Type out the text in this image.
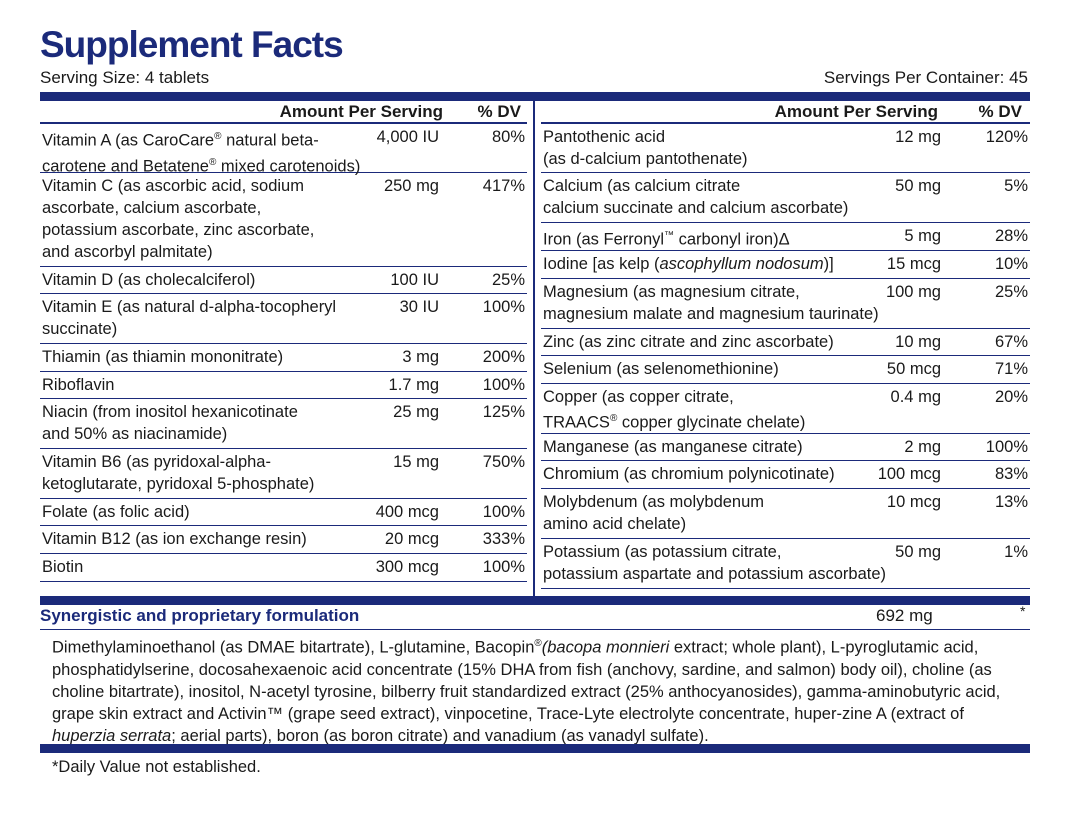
Supplement Facts
Serving Size: 4 tablets	Servings Per Container: 45
Amount Per Serving % DV
Vitamin A (as CaroCare® natural beta-
carotene and Betatene® mixed carotenoids)
4,000 IU	80%
Vitamin C (as ascorbic acid, sodium
ascorbate, calcium ascorbate,
potassium ascorbate, zinc ascorbate,
and ascorbyl palmitate)
250 mg	417%
Vitamin D (as cholecalciferol)	100 IU	25%
Vitamin E (as natural d-alpha-tocopheryl
succinate)
30 IU	100%
Thiamin (as thiamin mononitrate)	3 mg	200%
Riboflavin	1.7 mg	100%
Niacin (from inositol hexanicotinate
and 50% as niacinamide)
25 mg	125%
Vitamin B6 (as pyridoxal-alpha-
ketoglutarate, pyridoxal 5-phosphate)
15 mg	750%
Folate (as folic acid)	400 mcg	100%
Vitamin B12 (as ion exchange resin)	20 mcg	333%
Biotin	300 mcg	100%
Amount Per Serving % DV
Pantothenic acid
(as d-calcium pantothenate)
12 mg	120%
Calcium (as calcium citrate
calcium succinate and calcium ascorbate)
50 mg	5%
Iron (as Ferronyl™ carbonyl iron)Δ	5 mg	28%
Iodine [as kelp (ascophyllum nodosum)]	15 mcg	10%
Magnesium (as magnesium citrate,
magnesium malate and magnesium taurinate)
100 mg	25%
Zinc (as zinc citrate and zinc ascorbate)	10 mg	67%
Selenium (as selenomethionine)	50 mcg	71%
Copper (as copper citrate,
TRAACS® copper glycinate chelate)
0.4 mg	20%
Manganese (as manganese citrate)	2 mg	100%
Chromium (as chromium polynicotinate)	100 mcg	83%
Molybdenum (as molybdenum
amino acid chelate)
10 mcg	13%
Potassium (as potassium citrate,
potassium aspartate and potassium ascorbate)
50 mg	1%
Synergistic and proprietary formulation	692 mg	*
Dimethylaminoethanol (as DMAE bitartrate), L-glutamine, Bacopin®(bacopa monnieri extract; whole plant), L-pyroglutamic acid, phosphatidylserine, docosahexaenoic acid concentrate (15% DHA from fish (anchovy, sardine, and salmon) body oil), choline (as choline bitartrate), inositol, N-acetyl tyrosine, bilberry fruit standardized extract (25% anthocyanosides), gamma-aminobutyric acid, grape skin extract and Activin™ (grape seed extract), vinpocetine, Trace-Lyte electrolyte concentrate, huper-zine A (extract of huperzia serrata; aerial parts), boron (as boron citrate) and vanadium (as vanadyl sulfate).
*Daily Value not established.
